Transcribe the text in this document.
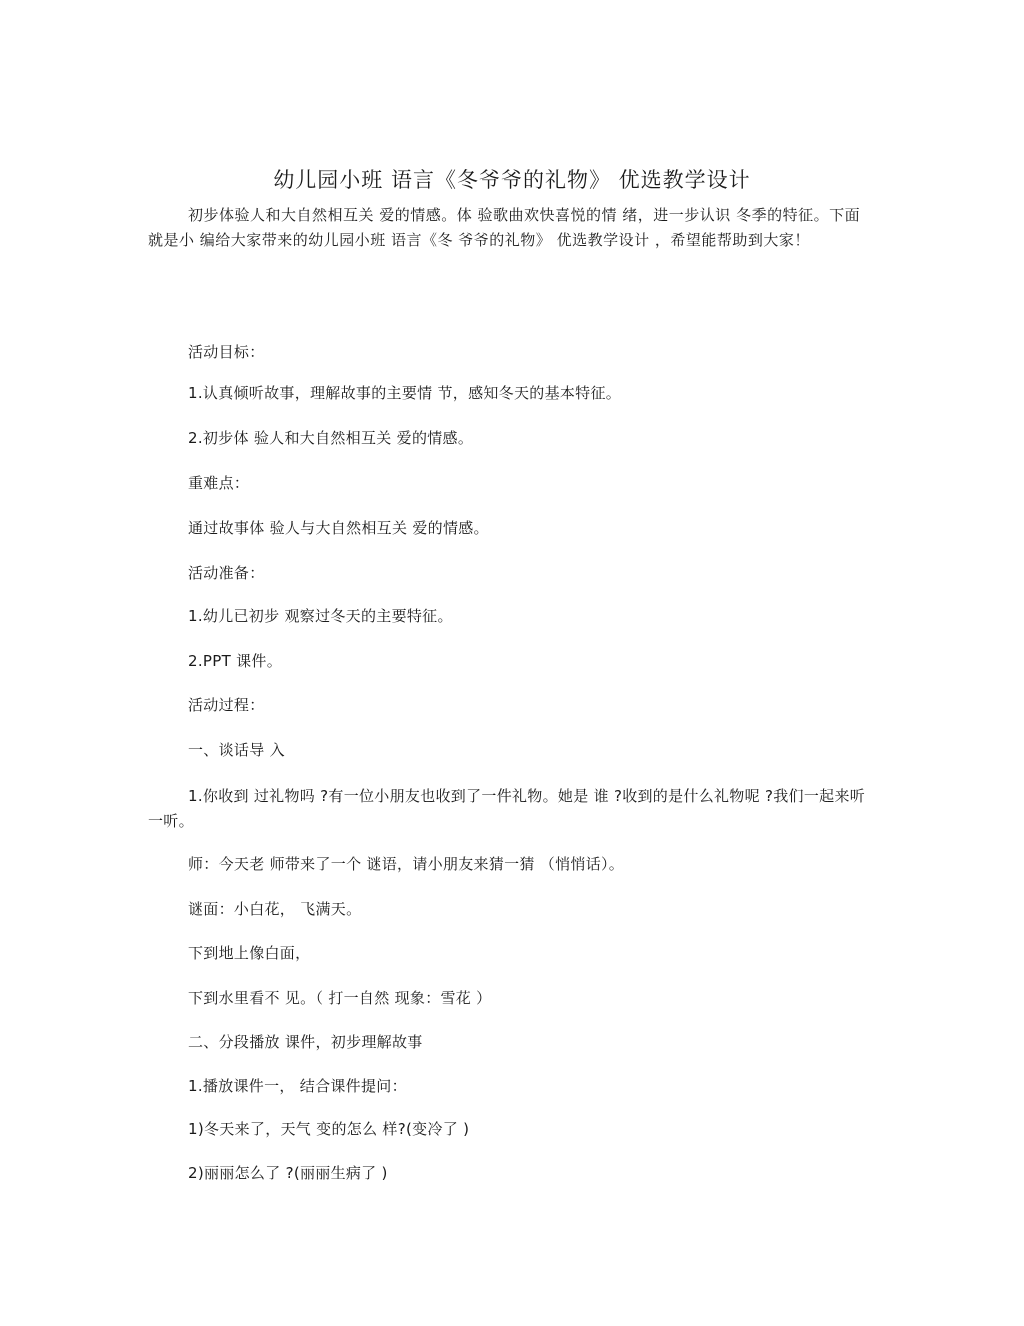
幼儿园小班 语言《冬爷爷的礼物》 优选教学设计
初步体验人和大自然相互关 爱的情感。体 验歌曲欢快喜悦的情 绪，进一步认识 冬季的特征。下面就是小 编给大家带来的幼儿园小班 语言《冬 爷爷的礼物》 优选教学设计 ，希望能帮助到大家！
活动目标：
1.认真倾听故事，理解故事的主要情 节，感知冬天的基本特征。
2.初步体 验人和大自然相互关 爱的情感。
重难点：
通过故事体 验人与大自然相互关 爱的情感。
活动准备：
1.幼儿已初步 观察过冬天的主要特征。
2.PPT 课件。
活动过程：
一、谈话导 入
1.你收到 过礼物吗 ?有一位小朋友也收到了一件礼物。她是 谁 ?收到的是什么礼物呢 ?我们一起来听一听。
师：今天老 师带来了一个 谜语，请小朋友来猜一猜 （悄悄话）。
谜面：小白花， 飞满天。
下到地上像白面，
下到水里看不 见。（ 打一自然 现象：雪花 ）
二、分段播放 课件，初步理解故事
1.播放课件一， 结合课件提问：
1)冬天来了，天气 变的怎么 样?(变冷了 )
2)丽丽怎么了 ?(丽丽生病了 )
